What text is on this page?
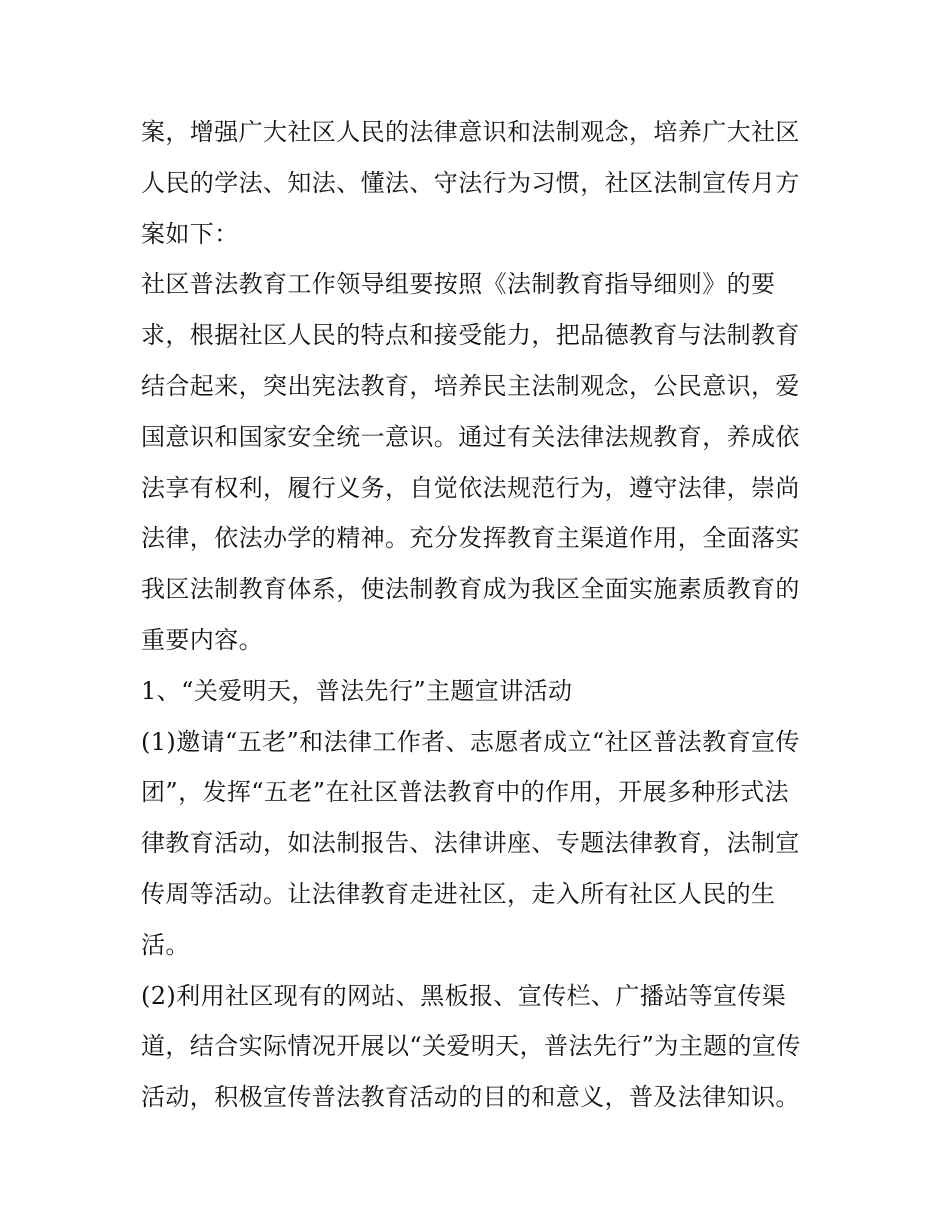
案，增强广大社区人民的法律意识和法制观念，培养广大社区
人民的学法、知法、懂法、守法行为习惯，社区法制宣传月方
案如下：
社区普法教育工作领导组要按照《法制教育指导细则》的要
求，根据社区人民的特点和接受能力，把品德教育与法制教育
结合起来，突出宪法教育，培养民主法制观念，公民意识，爱
国意识和国家安全统一意识。通过有关法律法规教育，养成依
法享有权利，履行义务，自觉依法规范行为，遵守法律，崇尚
法律，依法办学的精神。充分发挥教育主渠道作用，全面落实
我区法制教育体系，使法制教育成为我区全面实施素质教育的
重要内容。
1、“关爱明天，普法先行”主题宣讲活动
(1)邀请“五老”和法律工作者、志愿者成立“社区普法教育宣传
团”，发挥“五老”在社区普法教育中的作用，开展多种形式法
律教育活动，如法制报告、法律讲座、专题法律教育，法制宣
传周等活动。让法律教育走进社区，走入所有社区人民的生
活。
(2)利用社区现有的网站、黑板报、宣传栏、广播站等宣传渠
道，结合实际情况开展以“关爱明天，普法先行”为主题的宣传
活动，积极宣传普法教育活动的目的和意义，普及法律知识。
